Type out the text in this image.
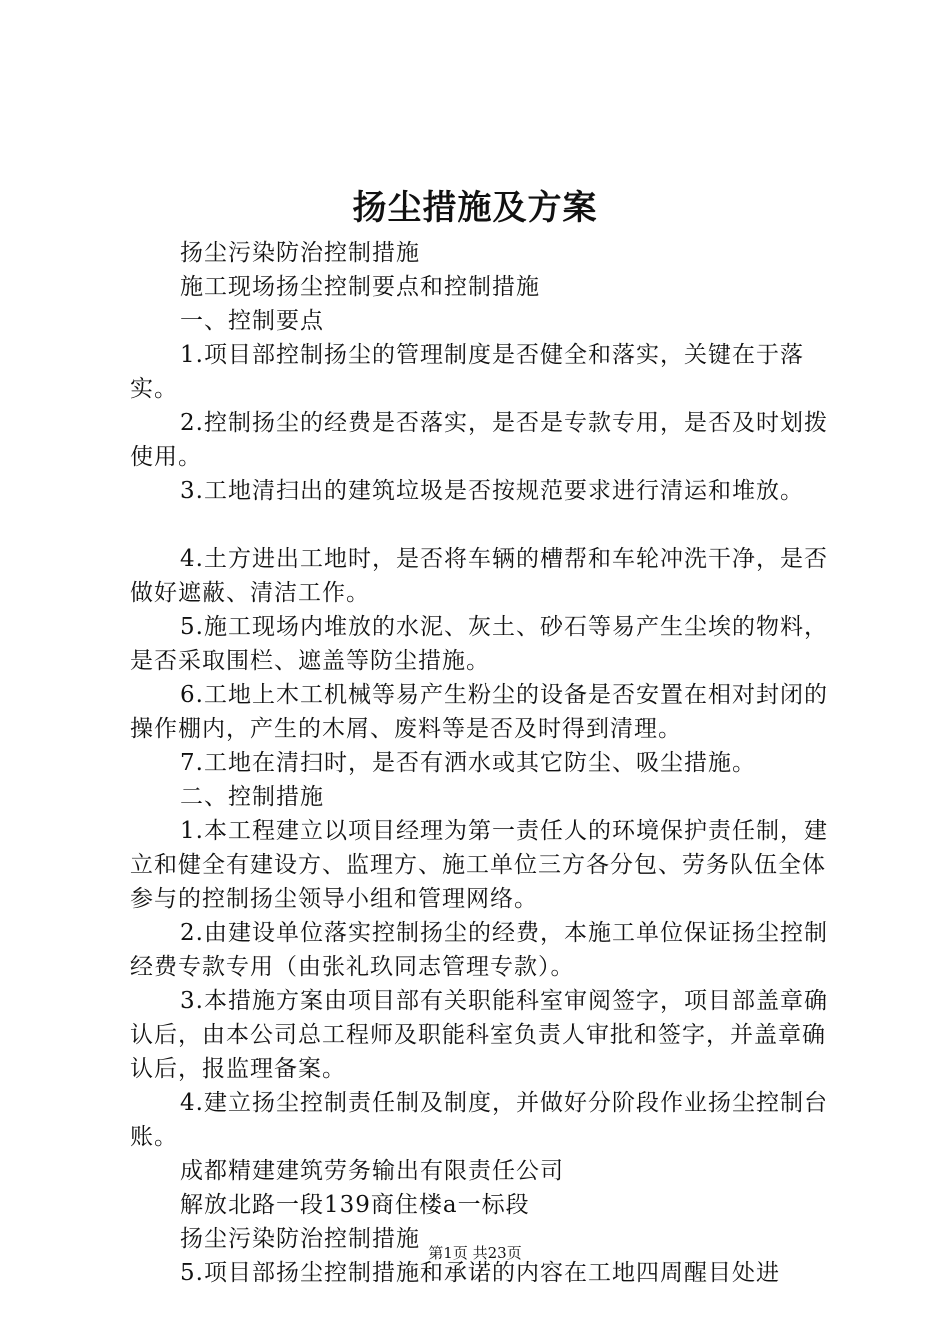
扬尘措施及方案

扬尘污染防治控制措施

施工现场扬尘控制要点和控制措施

一、控制要点

1.项目部控制扬尘的管理制度是否健全和落实，关键在于落实。

2.控制扬尘的经费是否落实，是否是专款专用，是否及时划拨使用。

3.工地清扫出的建筑垃圾是否按规范要求进行清运和堆放。

4.土方进出工地时，是否将车辆的槽帮和车轮冲洗干净，是否做好遮蔽、清洁工作。

5.施工现场内堆放的水泥、灰土、砂石等易产生尘埃的物料，是否采取围栏、遮盖等防尘措施。

6.工地上木工机械等易产生粉尘的设备是否安置在相对封闭的操作棚内，产生的木屑、废料等是否及时得到清理。

7.工地在清扫时，是否有洒水或其它防尘、吸尘措施。

二、控制措施

1.本工程建立以项目经理为第一责任人的环境保护责任制，建立和健全有建设方、监理方、施工单位三方各分包、劳务队伍全体参与的控制扬尘领导小组和管理网络。

2.由建设单位落实控制扬尘的经费，本施工单位保证扬尘控制经费专款专用（由张礼玖同志管理专款）。

3.本措施方案由项目部有关职能科室审阅签字，项目部盖章确认后，由本公司总工程师及职能科室负责人审批和签字，并盖章确认后，报监理备案。

4.建立扬尘控制责任制及制度，并做好分阶段作业扬尘控制台账。

成都精建建筑劳务输出有限责任公司

解放北路一段139商住楼a一标段

扬尘污染防治控制措施

5.项目部扬尘控制措施和承诺的内容在工地四周醒目处进

第1页 共23页
